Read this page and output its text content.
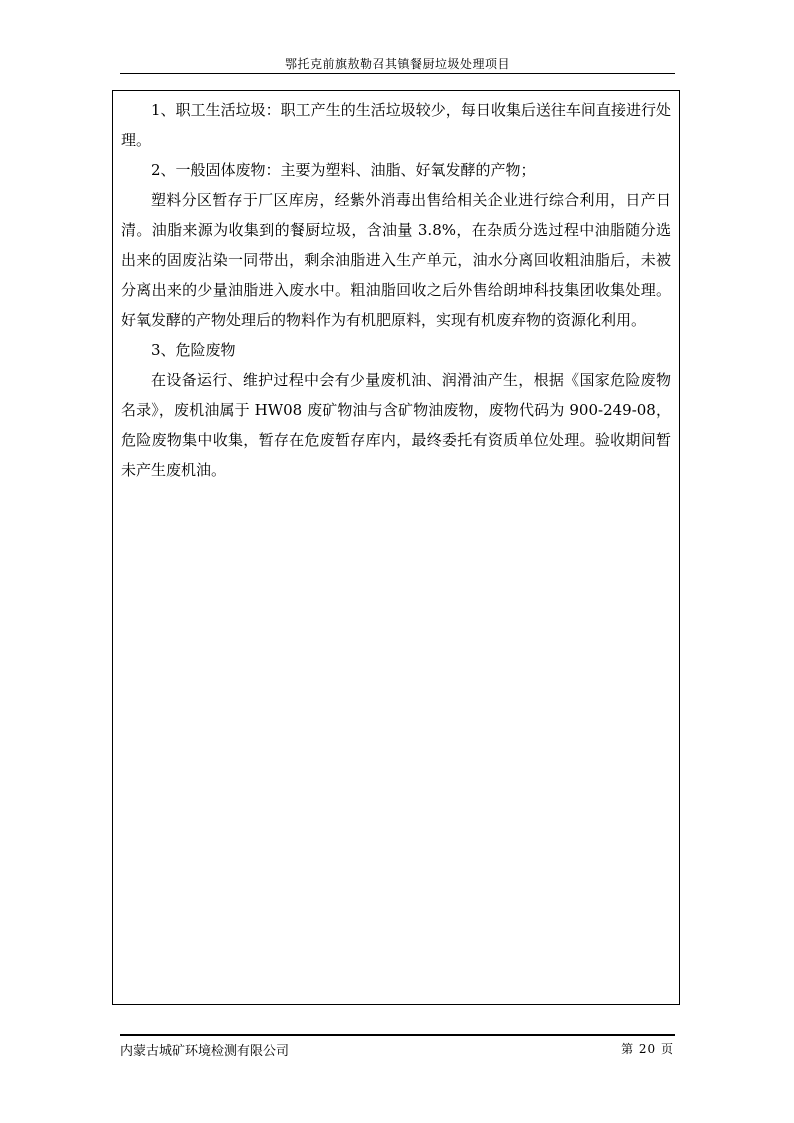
鄂托克前旗敖勒召其镇餐厨垃圾处理项目

1、职工生活垃圾：职工产生的生活垃圾较少，每日收集后送往车间直接进行处理。

2、一般固体废物：主要为塑料、油脂、好氧发酵的产物；

塑料分区暂存于厂区库房，经紫外消毒出售给相关企业进行综合利用，日产日清。油脂来源为收集到的餐厨垃圾，含油量 3.8%，在杂质分选过程中油脂随分选出来的固废沾染一同带出，剩余油脂进入生产单元，油水分离回收粗油脂后，未被分离出来的少量油脂进入废水中。粗油脂回收之后外售给朗坤科技集团收集处理。好氧发酵的产物处理后的物料作为有机肥原料，实现有机废弃物的资源化利用。

3、危险废物

在设备运行、维护过程中会有少量废机油、润滑油产生，根据《国家危险废物名录》，废机油属于 HW08 废矿物油与含矿物油废物，废物代码为 900-249-08，危险废物集中收集，暂存在危废暂存库内，最终委托有资质单位处理。验收期间暂未产生废机油。

内蒙古城矿环境检测有限公司	第 20 页
